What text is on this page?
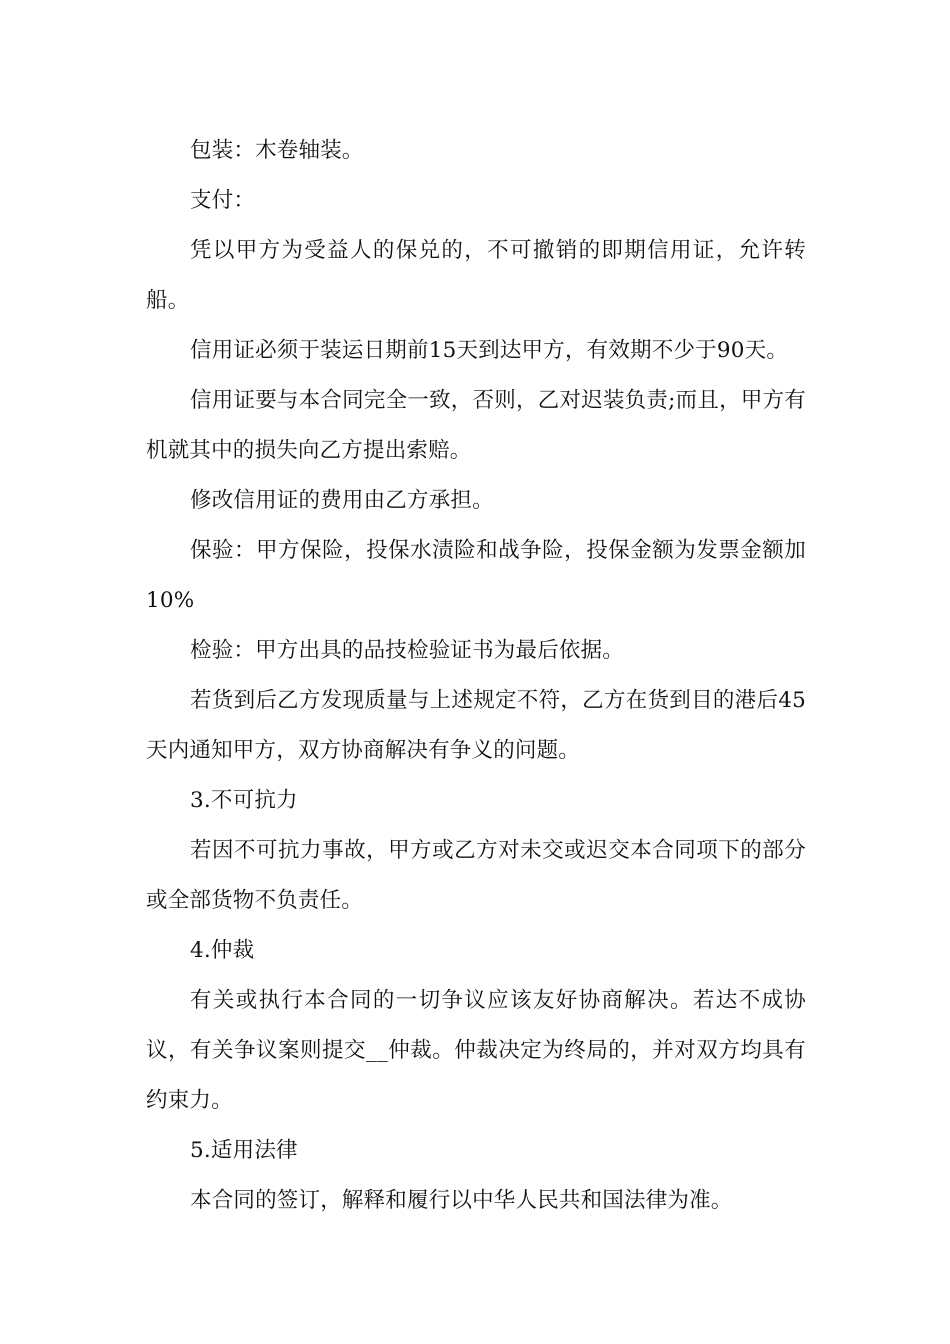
包装：木卷轴装。

支付：

凭以甲方为受益人的保兑的，不可撤销的即期信用证，允许转船。

信用证必须于装运日期前15天到达甲方，有效期不少于90天。

信用证要与本合同完全一致，否则，乙对迟装负责;而且，甲方有机就其中的损失向乙方提出索赔。

修改信用证的费用由乙方承担。

保验：甲方保险，投保水渍险和战争险，投保金额为发票金额加10%

检验：甲方出具的品技检验证书为最后依据。

若货到后乙方发现质量与上述规定不符，乙方在货到目的港后45天内通知甲方，双方协商解决有争义的问题。

3.不可抗力

若因不可抗力事故，甲方或乙方对未交或迟交本合同项下的部分或全部货物不负责任。

4.仲裁

有关或执行本合同的一切争议应该友好协商解决。若达不成协议，有关争议案则提交__仲裁。仲裁决定为终局的，并对双方均具有约束力。

5.适用法律

本合同的签订，解释和履行以中华人民共和国法律为准。
